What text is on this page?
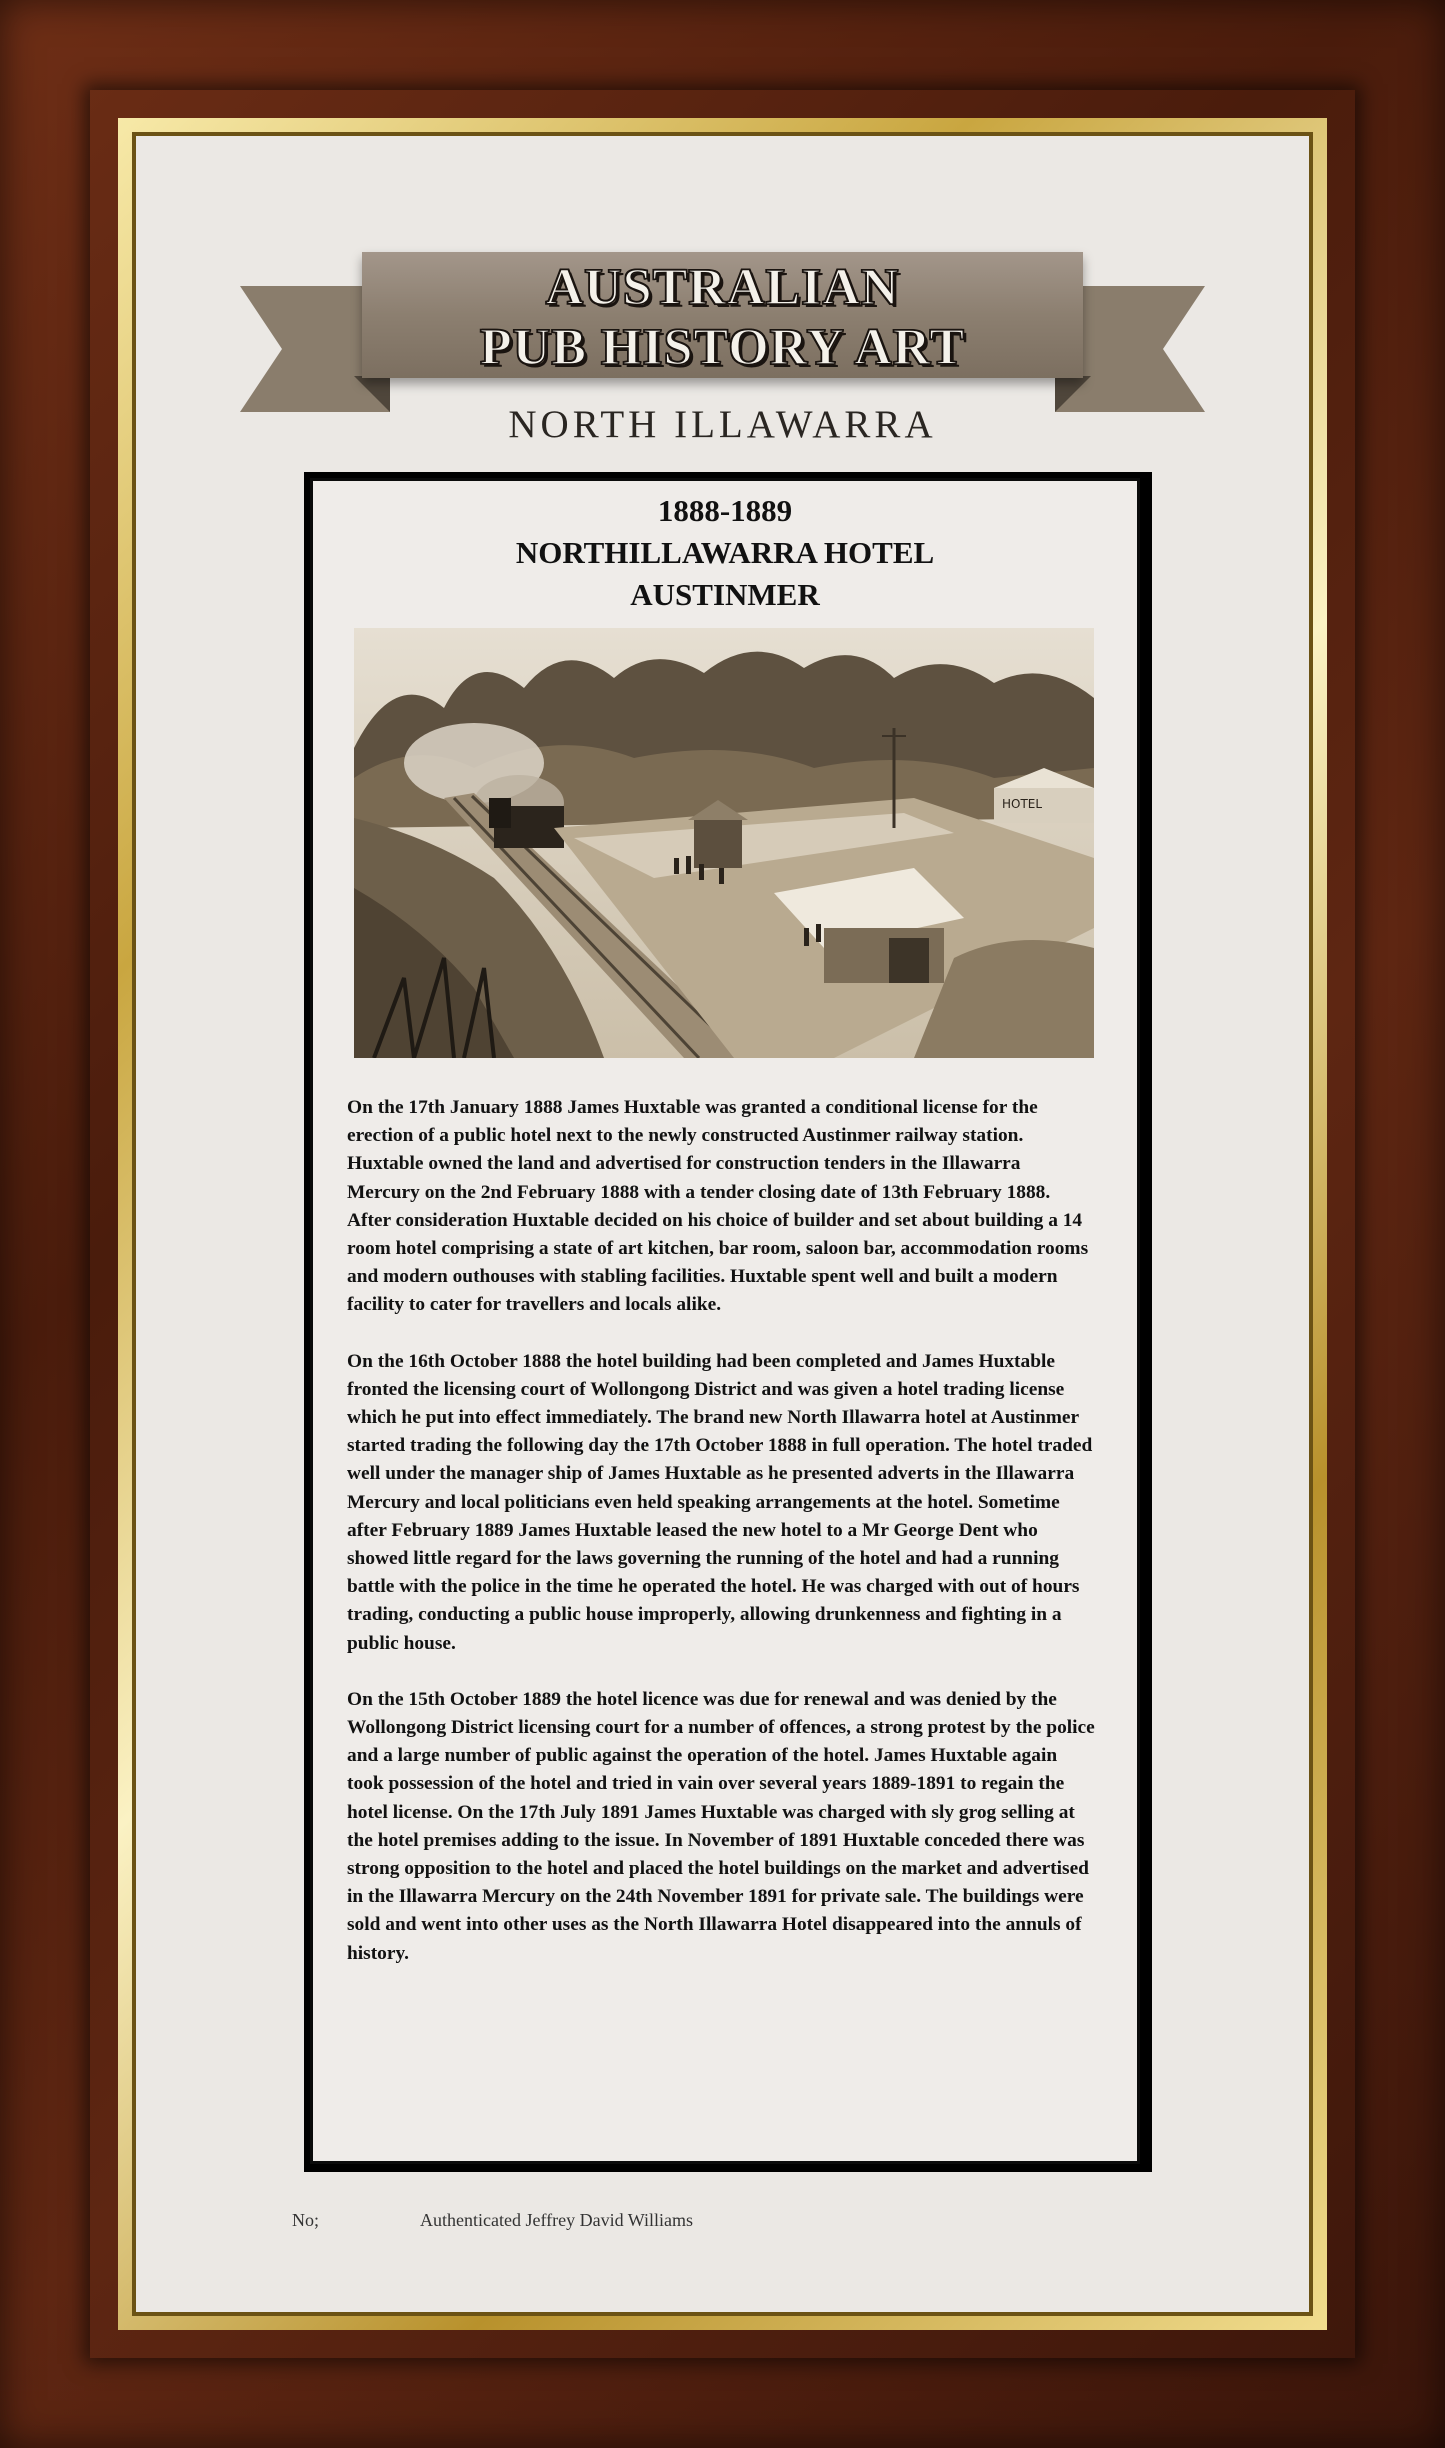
AUSTRALIAN
PUB HISTORY ART
NORTH ILLAWARRA
1888-1889
NORTHILLAWARRA HOTEL
AUSTINMER
HOTEL

On the 17th January 1888 James Huxtable was granted a conditional license for the erection of a public hotel next to the newly constructed Austinmer railway station. Huxtable owned the land and advertised for construction tenders in the Illawarra Mercury on the 2nd February 1888 with a tender closing date of 13th February 1888. After consideration Huxtable decided on his choice of builder and set about building a 14 room hotel comprising a state of art kitchen, bar room, saloon bar, accommodation rooms and modern outhouses with stabling facilities. Huxtable spent well and built a modern facility to cater for travellers and locals alike.

On the 16th October 1888 the hotel building had been completed and James Huxtable fronted the licensing court of Wollongong District and was given a hotel trading license which he put into effect immediately. The brand new North Illawarra hotel at Austinmer started trading the following day the 17th October 1888 in full operation. The hotel traded well under the manager ship of James Huxtable as he presented adverts in the Illawarra Mercury and local politicians even held speaking arrangements at the hotel. Sometime after February 1889 James Huxtable leased the new hotel to a Mr George Dent who showed little regard for the laws governing the running of the hotel and had a running battle with the police in the time he operated the hotel. He was charged with out of hours trading, conducting a public house improperly, allowing drunkenness and fighting in a public house.

On the 15th October 1889 the hotel licence was due for renewal and was denied by the Wollongong District licensing court for a number of offences, a strong protest by the police and a large number of public against the operation of the hotel. James Huxtable again took possession of the hotel and tried in vain over several years 1889-1891 to regain the hotel license. On the 17th July 1891 James Huxtable was charged with sly grog selling at the hotel premises adding to the issue. In November of 1891 Huxtable conceded there was strong opposition to the hotel and placed the hotel buildings on the market and advertised in the Illawarra Mercury on the 24th November 1891 for private sale. The buildings were sold and went into other uses as the North Illawarra Hotel disappeared into the annuls of history.

No;	Authenticated Jeffrey David Williams
